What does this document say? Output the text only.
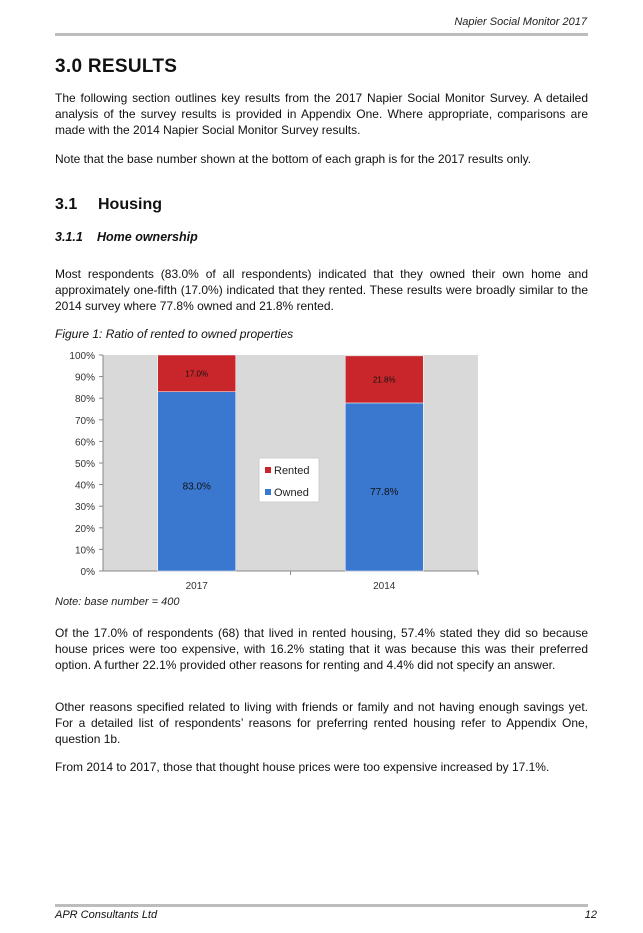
Napier Social Monitor 2017
3.0 RESULTS

The following section outlines key results from the 2017 Napier Social Monitor Survey. A detailed analysis of the survey results is provided in Appendix One. Where appropriate, comparisons are made with the 2014 Napier Social Monitor Survey results.

Note that the base number shown at the bottom of each graph is for the 2017 results only.

3.1 Housing
3.1.1 Home ownership

Most respondents (83.0% of all respondents) indicated that they owned their own home and approximately one-fifth (17.0%) indicated that they rented. These results were broadly similar to the 2014 survey where 77.8% owned and 21.8% rented.

Figure 1: Ratio of rented to owned properties

0%
10%
20%
30%
40%
50%
60%
70%
80%
90%
100%
83.0%
17.0%
77.8%
21.8%
2017	2014
Rented
Owned

Note: base number = 400

Of the 17.0% of respondents (68) that lived in rented housing, 57.4% stated they did so because house prices were too expensive, with 16.2% stating that it was because this was their preferred option. A further 22.1% provided other reasons for renting and 4.4% did not specify an answer.

Other reasons specified related to living with friends or family and not having enough savings yet. For a detailed list of respondents’ reasons for preferring rented housing refer to Appendix One, question 1b.

From 2014 to 2017, those that thought house prices were too expensive increased by 17.1%.

APR Consultants Ltd	12
